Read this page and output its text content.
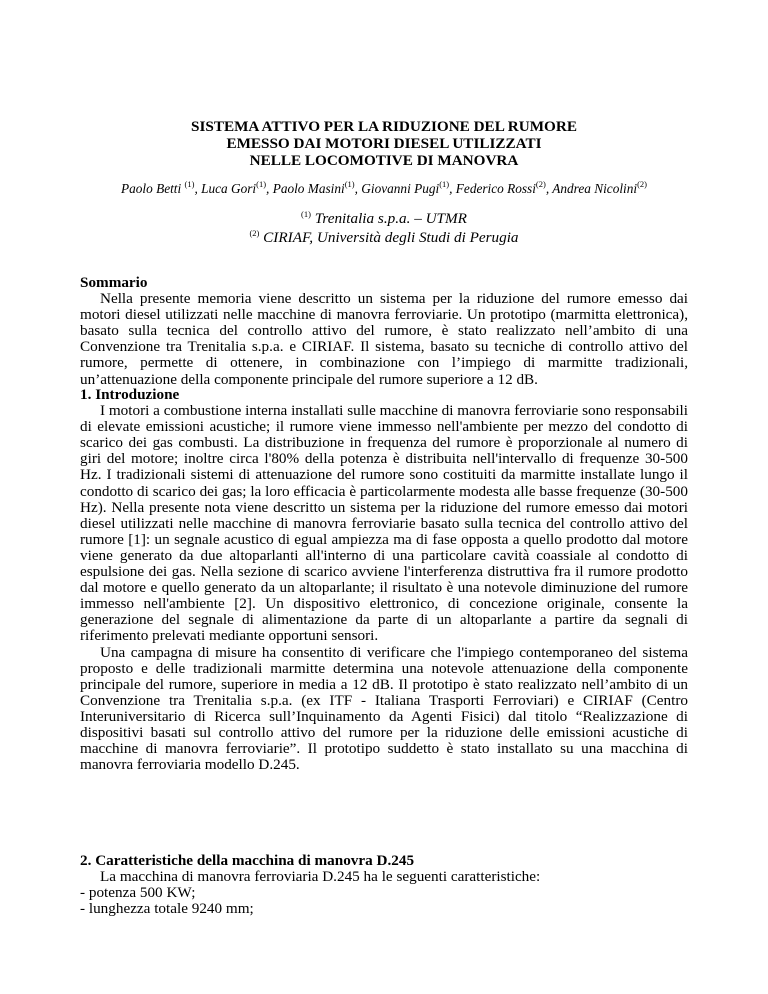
SISTEMA ATTIVO PER LA RIDUZIONE DEL RUMORE
EMESSO DAI MOTORI DIESEL UTILIZZATI
NELLE LOCOMOTIVE DI MANOVRA
Paolo Betti $^{(1)}$, Luca Gori$^{(1)}$, Paolo Masini$^{(1)}$, Giovanni Pugi$^{(1)}$, Federico Rossi$^{(2)}$, Andrea Nicolini$^{(2)}$
$^{(1)}$ Trenitalia s.p.a. – UTMR
$^{(2)}$ CIRIAF, Università degli Studi di Perugia
Sommario

Nella presente memoria viene descritto un sistema per la riduzione del rumore emesso dai motori diesel utilizzati nelle macchine di manovra ferroviarie. Un prototipo (marmitta elettronica), basato sulla tecnica del controllo attivo del rumore, è stato realizzato nell’ambito di una Convenzione tra Trenitalia s.p.a. e CIRIAF. Il sistema, basato su tecniche di controllo attivo del rumore, permette di ottenere, in combinazione con l’impiego di marmitte tradizionali, un’attenuazione della componente principale del rumore superiore a 12 dB.

1. Introduzione

I motori a combustione interna installati sulle macchine di manovra ferroviarie sono responsabili di elevate emissioni acustiche; il rumore viene immesso nell'ambiente per mezzo del condotto di scarico dei gas combusti. La distribuzione in frequenza del rumore è proporzionale al numero di giri del motore; inoltre circa l'80% della potenza è distribuita nell'intervallo di frequenze 30-500 Hz. I tradizionali sistemi di attenuazione del rumore sono costituiti da marmitte installate lungo il condotto di scarico dei gas; la loro efficacia è particolarmente modesta alle basse frequenze (30-500 Hz). Nella presente nota viene descritto un sistema per la riduzione del rumore emesso dai motori diesel utilizzati nelle macchine di manovra ferroviarie basato sulla tecnica del controllo attivo del rumore [1]: un segnale acustico di egual ampiezza ma di fase opposta a quello prodotto dal motore viene generato da due altoparlanti all'interno di una particolare cavità coassiale al condotto di espulsione dei gas. Nella sezione di scarico avviene l'interferenza distruttiva fra il rumore prodotto dal motore e quello generato da un altoparlante; il risultato è una notevole diminuzione del rumore immesso nell'ambiente [2]. Un dispositivo elettronico, di concezione originale, consente la generazione del segnale di alimentazione da parte di un altoparlante a partire da segnali di riferimento prelevati mediante opportuni sensori.

Una campagna di misure ha consentito di verificare che l'impiego contemporaneo del sistema proposto e delle tradizionali marmitte determina una notevole attenuazione della componente principale del rumore, superiore in media a 12 dB. Il prototipo è stato realizzato nell’ambito di un Convenzione tra Trenitalia s.p.a. (ex ITF - Italiana Trasporti Ferroviari) e CIRIAF (Centro Interuniversitario di Ricerca sull’Inquinamento da Agenti Fisici) dal titolo “Realizzazione di dispositivi basati sul controllo attivo del rumore per la riduzione delle emissioni acustiche di macchine di manovra ferroviarie”. Il prototipo suddetto è stato installato su una macchina di manovra ferroviaria modello D.245.

2. Caratteristiche della macchina di manovra D.245

La macchina di manovra ferroviaria D.245 ha le seguenti caratteristiche:

- potenza 500 KW;
- lunghezza totale 9240 mm;
